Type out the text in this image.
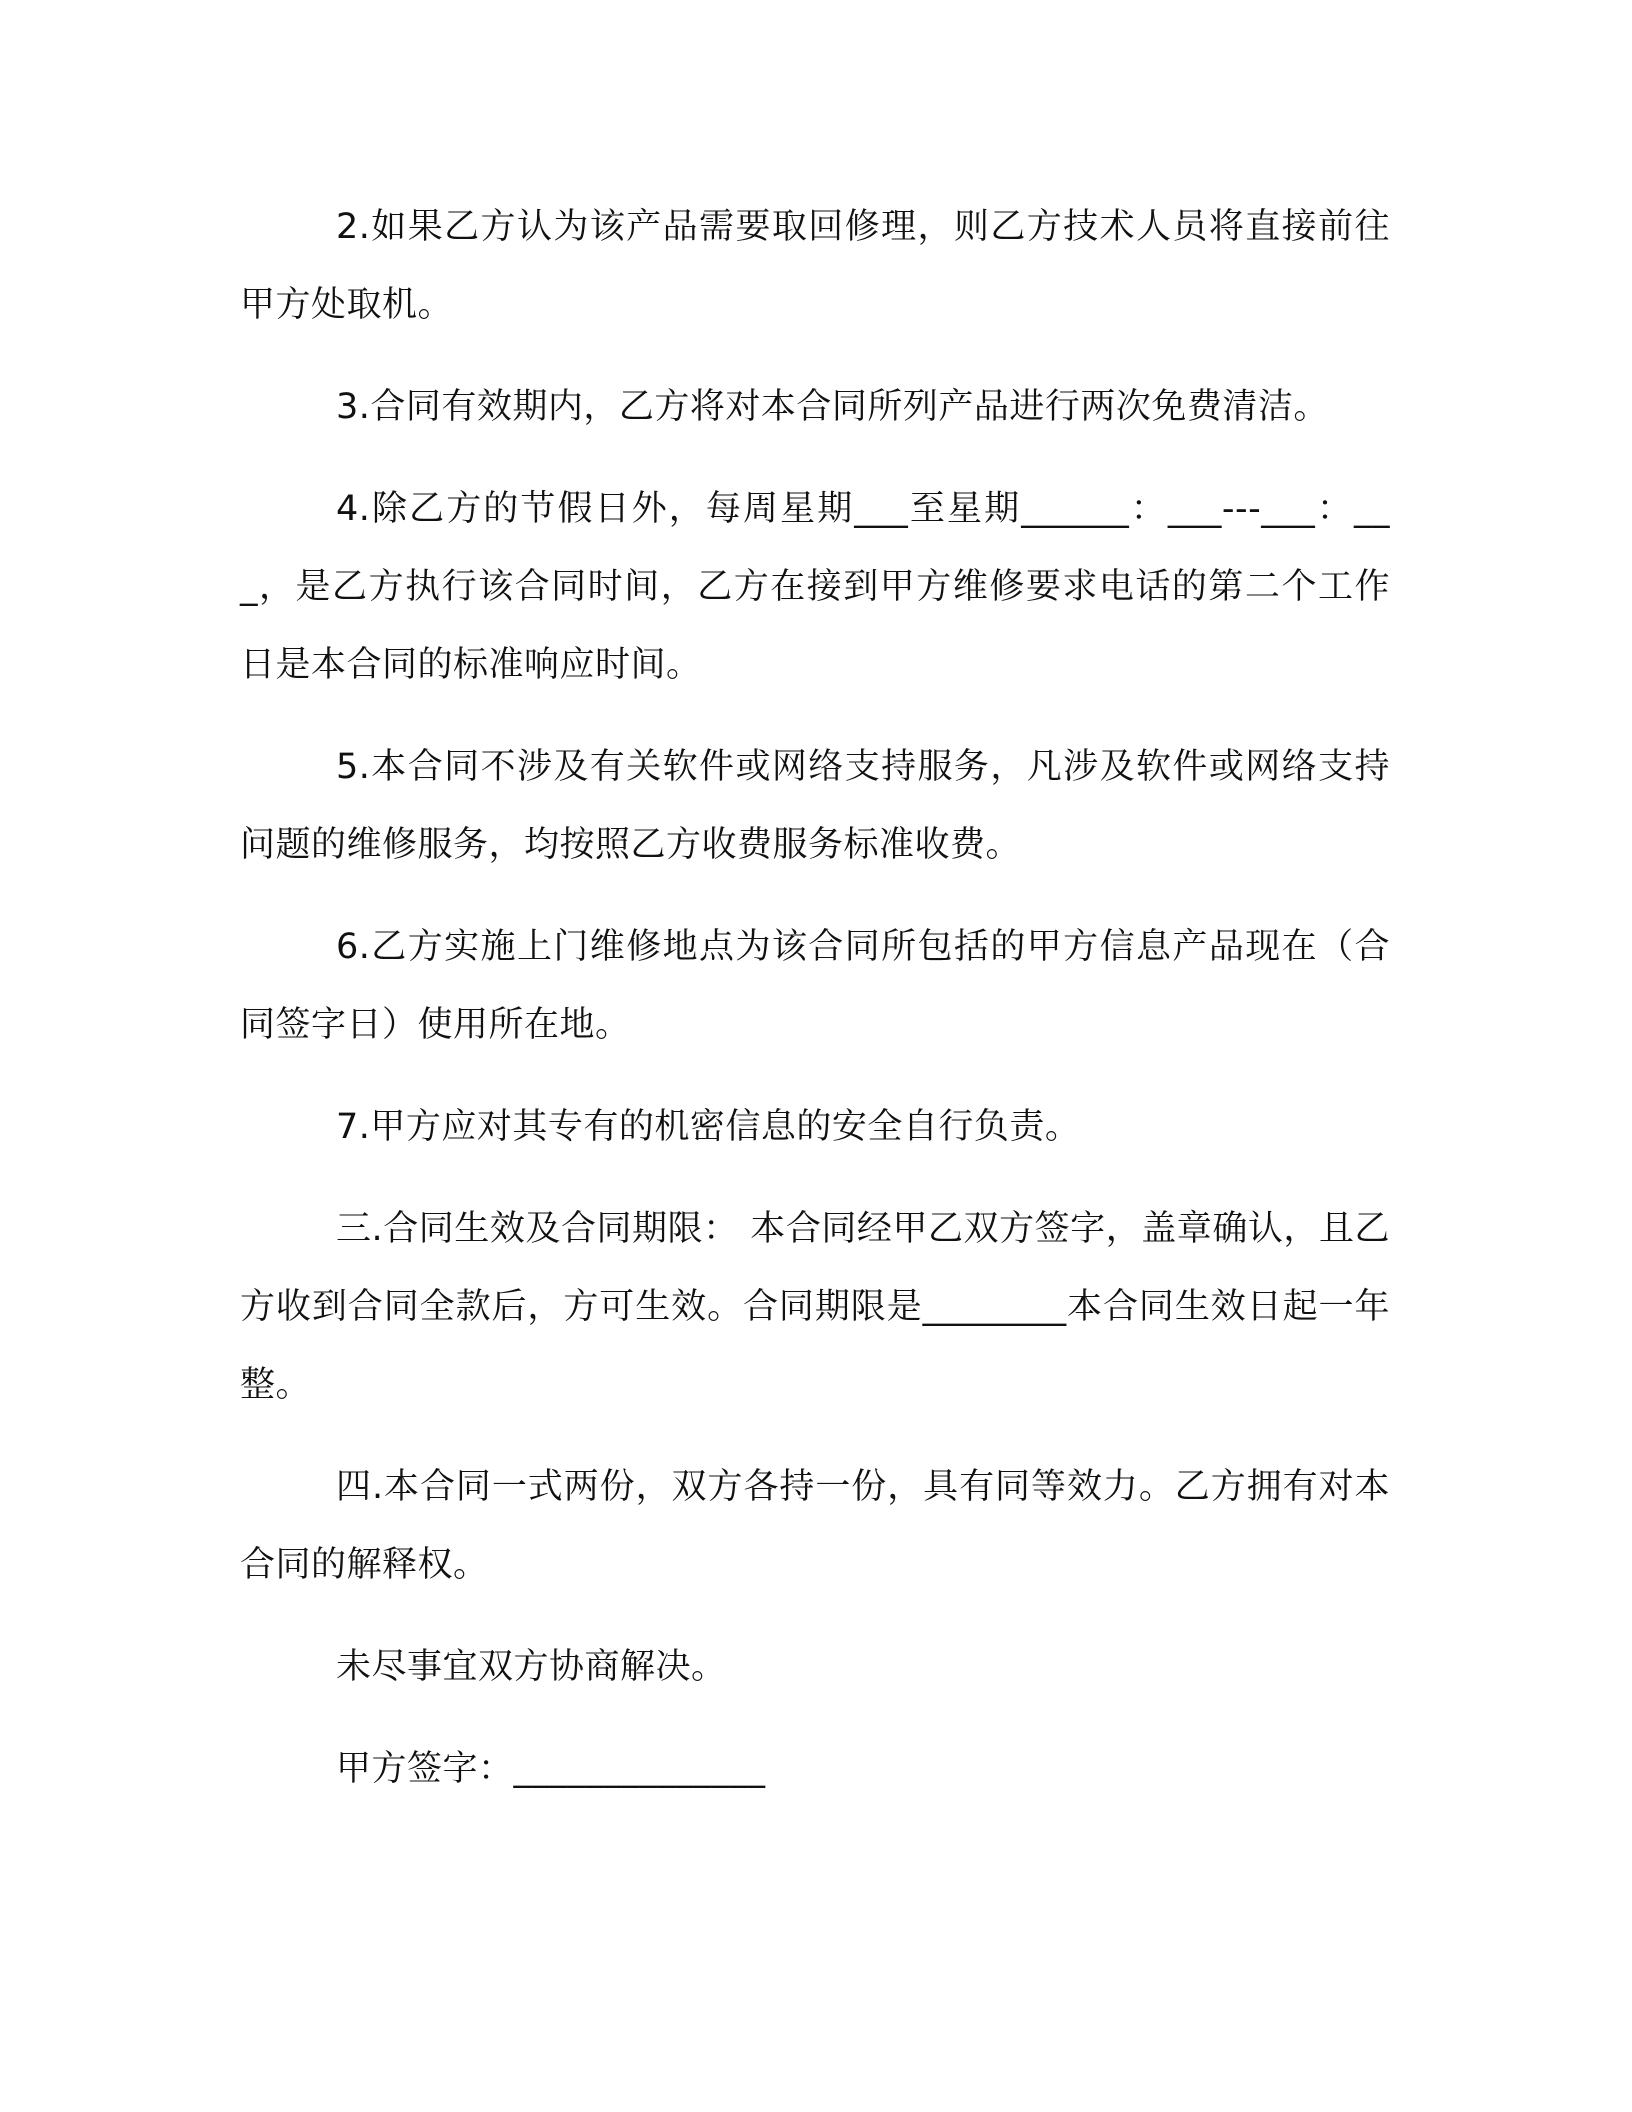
2.如果乙方认为该产品需要取回修理，则乙方技术人员将直接前往甲方处取机。

3.合同有效期内，乙方将对本合同所列产品进行两次免费清洁。

4.除乙方的节假日外，每周星期___至星期______：___---___：___，是乙方执行该合同时间，乙方在接到甲方维修要求电话的第二个工作日是本合同的标准响应时间。

5.本合同不涉及有关软件或网络支持服务，凡涉及软件或网络支持问题的维修服务，均按照乙方收费服务标准收费。

6.乙方实施上门维修地点为该合同所包括的甲方信息产品现在（合同签字日）使用所在地。

7.甲方应对其专有的机密信息的安全自行负责。

三.合同生效及合同期限： 本合同经甲乙双方签字，盖章确认，且乙方收到合同全款后，方可生效。合同期限是________本合同生效日起一年整。

四.本合同一式两份，双方各持一份，具有同等效力。乙方拥有对本合同的解释权。

未尽事宜双方协商解决。

甲方签字：______________
